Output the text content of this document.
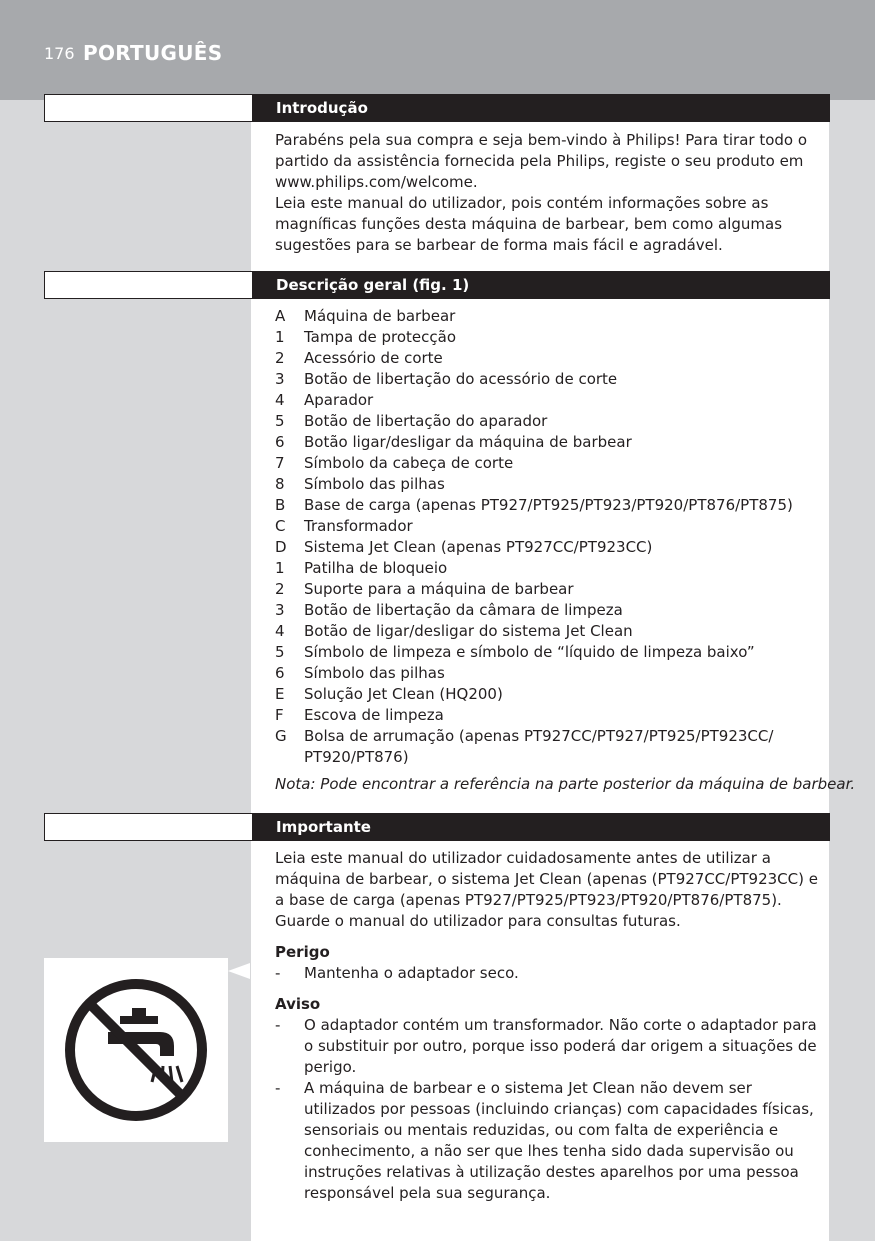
176 PORTUGUÊS
Introdução

Parabéns pela sua compra e seja bem-vindo à Philips! Para tirar todo o partido da assistência fornecida pela Philips, registe o seu produto em www.philips.com/welcome.

Leia este manual do utilizador, pois contém informações sobre as magníficas funções desta máquina de barbear, bem como algumas sugestões para se barbear de forma mais fácil e agradável.

Descrição geral (fig. 1)
A	Máquina de barbear
1	Tampa de protecção
2	Acessório de corte
3	Botão de libertação do acessório de corte
4	Aparador
5	Botão de libertação do aparador
6	Botão ligar/desligar da máquina de barbear
7	Símbolo da cabeça de corte
8	Símbolo das pilhas
B	Base de carga (apenas PT927/PT925/PT923/PT920/PT876/PT875)
C	Transformador
D	Sistema Jet Clean (apenas PT927CC/PT923CC)
1	Patilha de bloqueio
2	Suporte para a máquina de barbear
3	Botão de libertação da câmara de limpeza
4	Botão de ligar/desligar do sistema Jet Clean
5	Símbolo de limpeza e símbolo de “líquido de limpeza baixo”
6	Símbolo das pilhas
E	Solução Jet Clean (HQ200)
F	Escova de limpeza
G	Bolsa de arrumação (apenas PT927CC/PT927/PT925/PT923CC/ PT920/PT876)
Nota: Pode encontrar a referência na parte posterior da máquina de barbear.
Importante

Leia este manual do utilizador cuidadosamente antes de utilizar a máquina de barbear, o sistema Jet Clean (apenas (PT927CC/PT923CC) e a base de carga (apenas PT927/PT925/PT923/PT920/PT876/PT875). Guarde o manual do utilizador para consultas futuras.

Perigo
-	Mantenha o adaptador seco.
Aviso
-	O adaptador contém um transformador. Não corte o adaptador para o substituir por outro, porque isso poderá dar origem a situações de perigo.
-	A máquina de barbear e o sistema Jet Clean não devem ser utilizados por pessoas (incluindo crianças) com capacidades físicas, sensoriais ou mentais reduzidas, ou com falta de experiência e conhecimento, a não ser que lhes tenha sido dada supervisão ou instruções relativas à utilização destes aparelhos por uma pessoa responsável pela sua segurança.
